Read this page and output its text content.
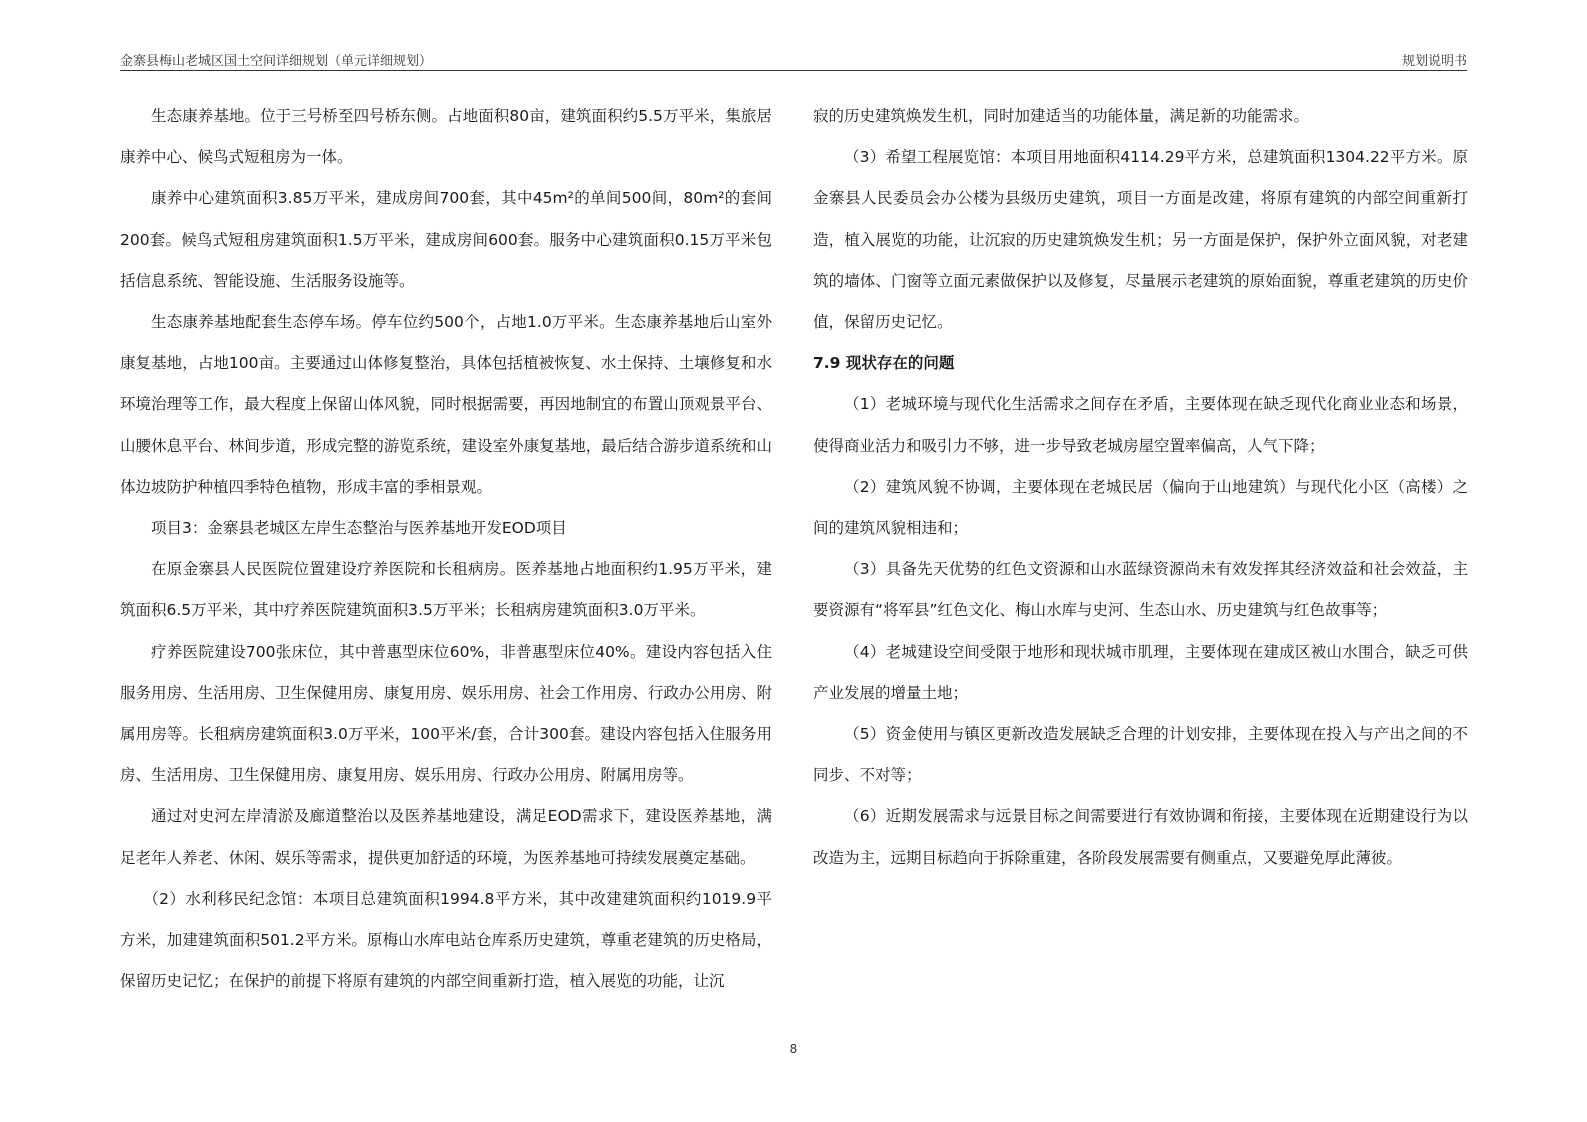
金寨县梅山老城区国土空间详细规划（单元详细规划）	规划说明书

生态康养基地。位于三号桥至四号桥东侧。占地面积80亩，建筑面积约5.5万平米，集旅居康养中心、候鸟式短租房为一体。

康养中心建筑面积3.85万平米，建成房间700套，其中45m²的单间500间，80m²的套间200套。候鸟式短租房建筑面积1.5万平米，建成房间600套。服务中心建筑面积0.15万平米包括信息系统、智能设施、生活服务设施等。

生态康养基地配套生态停车场。停车位约500个，占地1.0万平米。生态康养基地后山室外康复基地，占地100亩。主要通过山体修复整治，具体包括植被恢复、水土保持、土壤修复和水环境治理等工作，最大程度上保留山体风貌，同时根据需要，再因地制宜的布置山顶观景平台、山腰休息平台、林间步道，形成完整的游览系统，建设室外康复基地，最后结合游步道系统和山体边坡防护种植四季特色植物，形成丰富的季相景观。

项目3：金寨县老城区左岸生态整治与医养基地开发EOD项目

在原金寨县人民医院位置建设疗养医院和长租病房。医养基地占地面积约1.95万平米，建筑面积6.5万平米，其中疗养医院建筑面积3.5万平米；长租病房建筑面积3.0万平米。

疗养医院建设700张床位，其中普惠型床位60%，非普惠型床位40%。建设内容包括入住服务用房、生活用房、卫生保健用房、康复用房、娱乐用房、社会工作用房、行政办公用房、附属用房等。长租病房建筑面积3.0万平米，100平米/套，合计300套。建设内容包括入住服务用房、生活用房、卫生保健用房、康复用房、娱乐用房、行政办公用房、附属用房等。

通过对史河左岸清淤及廊道整治以及医养基地建设，满足EOD需求下，建设医养基地，满足老年人养老、休闲、娱乐等需求，提供更加舒适的环境，为医养基地可持续发展奠定基础。

（2）水利移民纪念馆：本项目总建筑面积1994.8平方米，其中改建建筑面积约1019.9平方米，加建建筑面积501.2平方米。原梅山水库电站仓库系历史建筑，尊重老建筑的历史格局，保留历史记忆；在保护的前提下将原有建筑的内部空间重新打造，植入展览的功能，让沉

寂的历史建筑焕发生机，同时加建适当的功能体量，满足新的功能需求。

（3）希望工程展览馆：本项目用地面积4114.29平方米，总建筑面积1304.22平方米。原金寨县人民委员会办公楼为县级历史建筑，项目一方面是改建，将原有建筑的内部空间重新打造，植入展览的功能，让沉寂的历史建筑焕发生机；另一方面是保护，保护外立面风貌，对老建筑的墙体、门窗等立面元素做保护以及修复，尽量展示老建筑的原始面貌，尊重老建筑的历史价值，保留历史记忆。

7.9 现状存在的问题

（1）老城环境与现代化生活需求之间存在矛盾，主要体现在缺乏现代化商业业态和场景，使得商业活力和吸引力不够，进一步导致老城房屋空置率偏高，人气下降；

（2）建筑风貌不协调，主要体现在老城民居（偏向于山地建筑）与现代化小区（高楼）之间的建筑风貌相违和；

（3）具备先天优势的红色文资源和山水蓝绿资源尚未有效发挥其经济效益和社会效益，主要资源有“将军县”红色文化、梅山水库与史河、生态山水、历史建筑与红色故事等；

（4）老城建设空间受限于地形和现状城市肌理，主要体现在建成区被山水围合，缺乏可供产业发展的增量土地；

（5）资金使用与镇区更新改造发展缺乏合理的计划安排，主要体现在投入与产出之间的不同步、不对等；

（6）近期发展需求与远景目标之间需要进行有效协调和衔接，主要体现在近期建设行为以改造为主，远期目标趋向于拆除重建，各阶段发展需要有侧重点，又要避免厚此薄彼。

8
